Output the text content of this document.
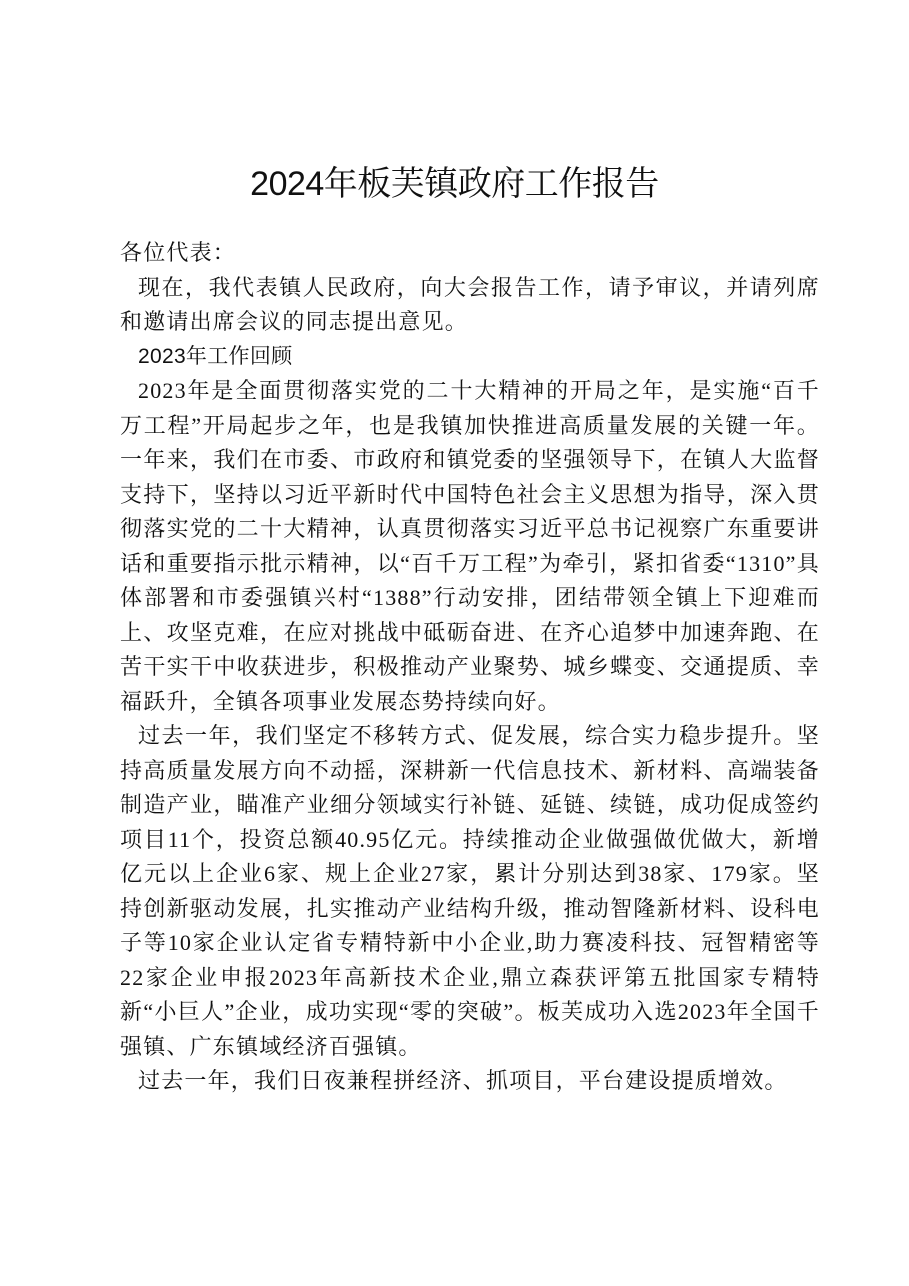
2024年板芙镇政府工作报告

各位代表：

现在，我代表镇人民政府，向大会报告工作，请予审议，并请列席和邀请出席会议的同志提出意见。

2023年工作回顾

2023年是全面贯彻落实党的二十大精神的开局之年，是实施“百千万工程”开局起步之年，也是我镇加快推进高质量发展的关键一年。一年来，我们在市委、市政府和镇党委的坚强领导下，在镇人大监督支持下，坚持以习近平新时代中国特色社会主义思想为指导，深入贯彻落实党的二十大精神，认真贯彻落实习近平总书记视察广东重要讲话和重要指示批示精神，以“百千万工程”为牵引，紧扣省委“1310”具体部署和市委强镇兴村“1388”行动安排，团结带领全镇上下迎难而上、攻坚克难，在应对挑战中砥砺奋进、在齐心追梦中加速奔跑、在苦干实干中收获进步，积极推动产业聚势、城乡蝶变、交通提质、幸福跃升，全镇各项事业发展态势持续向好。

过去一年，我们坚定不移转方式、促发展，综合实力稳步提升。坚持高质量发展方向不动摇，深耕新一代信息技术、新材料、高端装备制造产业，瞄准产业细分领域实行补链、延链、续链，成功促成签约项目11个，投资总额40.95亿元。持续推动企业做强做优做大，新增亿元以上企业6家、规上企业27家，累计分别达到38家、179家。坚持创新驱动发展，扎实推动产业结构升级，推动智隆新材料、设科电子等10家企业认定省专精特新中小企业,助力赛凌科技、冠智精密等22家企业申报2023年高新技术企业,鼎立森获评第五批国家专精特新“小巨人”企业，成功实现“零的突破”。板芙成功入选2023年全国千强镇、广东镇域经济百强镇。

过去一年，我们日夜兼程拼经济、抓项目，平台建设提质增效。
